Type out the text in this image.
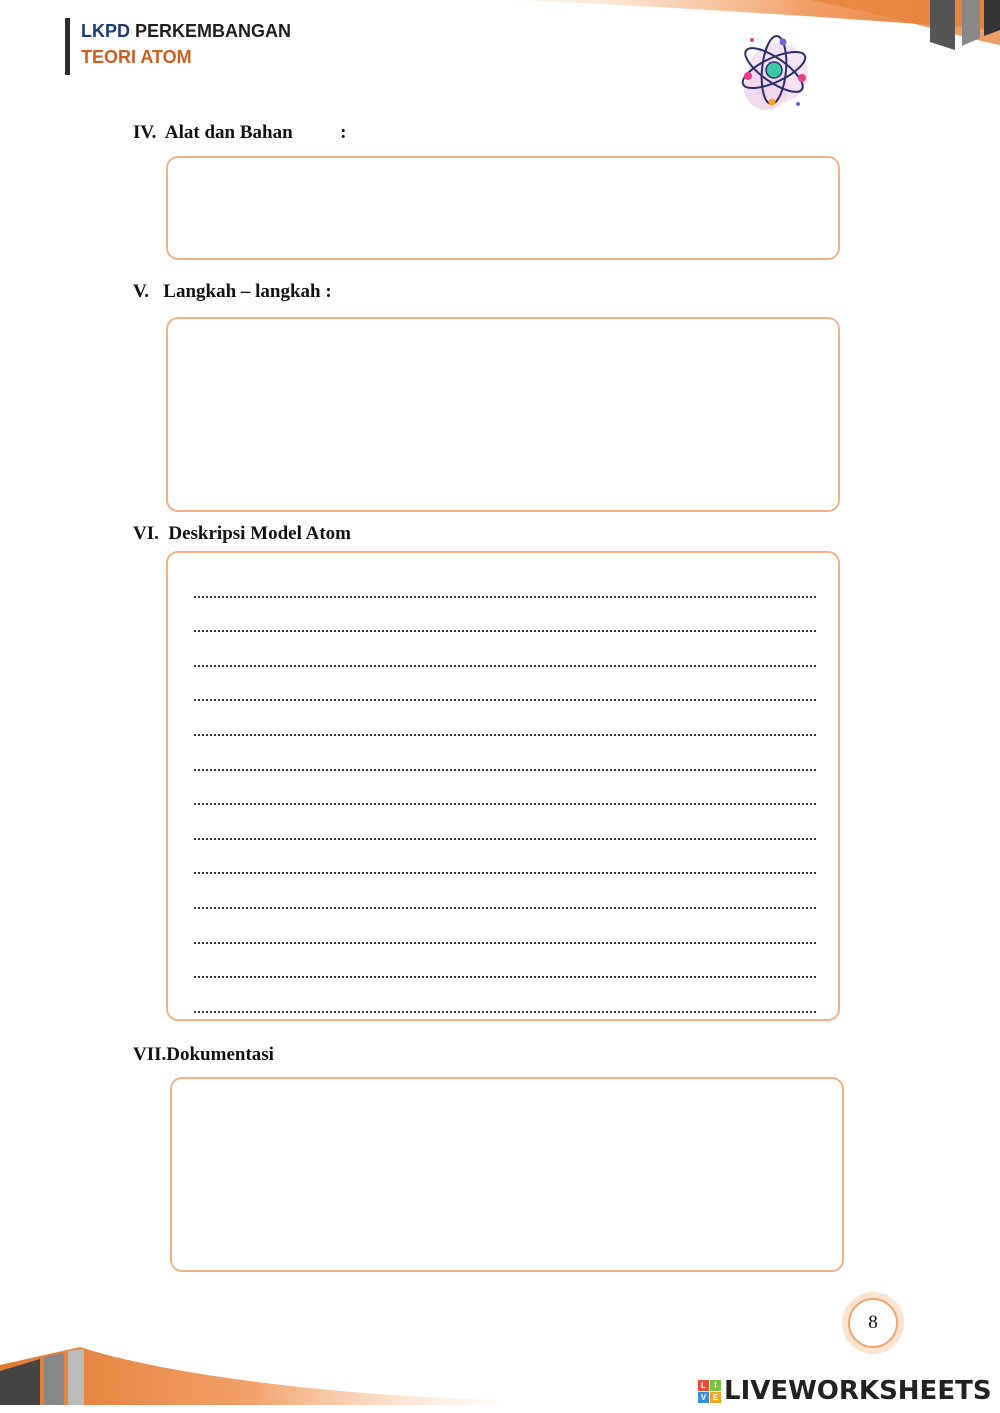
LKPD PERKEMBANGAN
TEORI ATOM
IV.  Alat dan Bahan          :
V.   Langkah – langkah :
VI.  Deskripsi Model Atom
VII.Dokumentasi
8
L	I
V E LIVEWORKSHEETS
